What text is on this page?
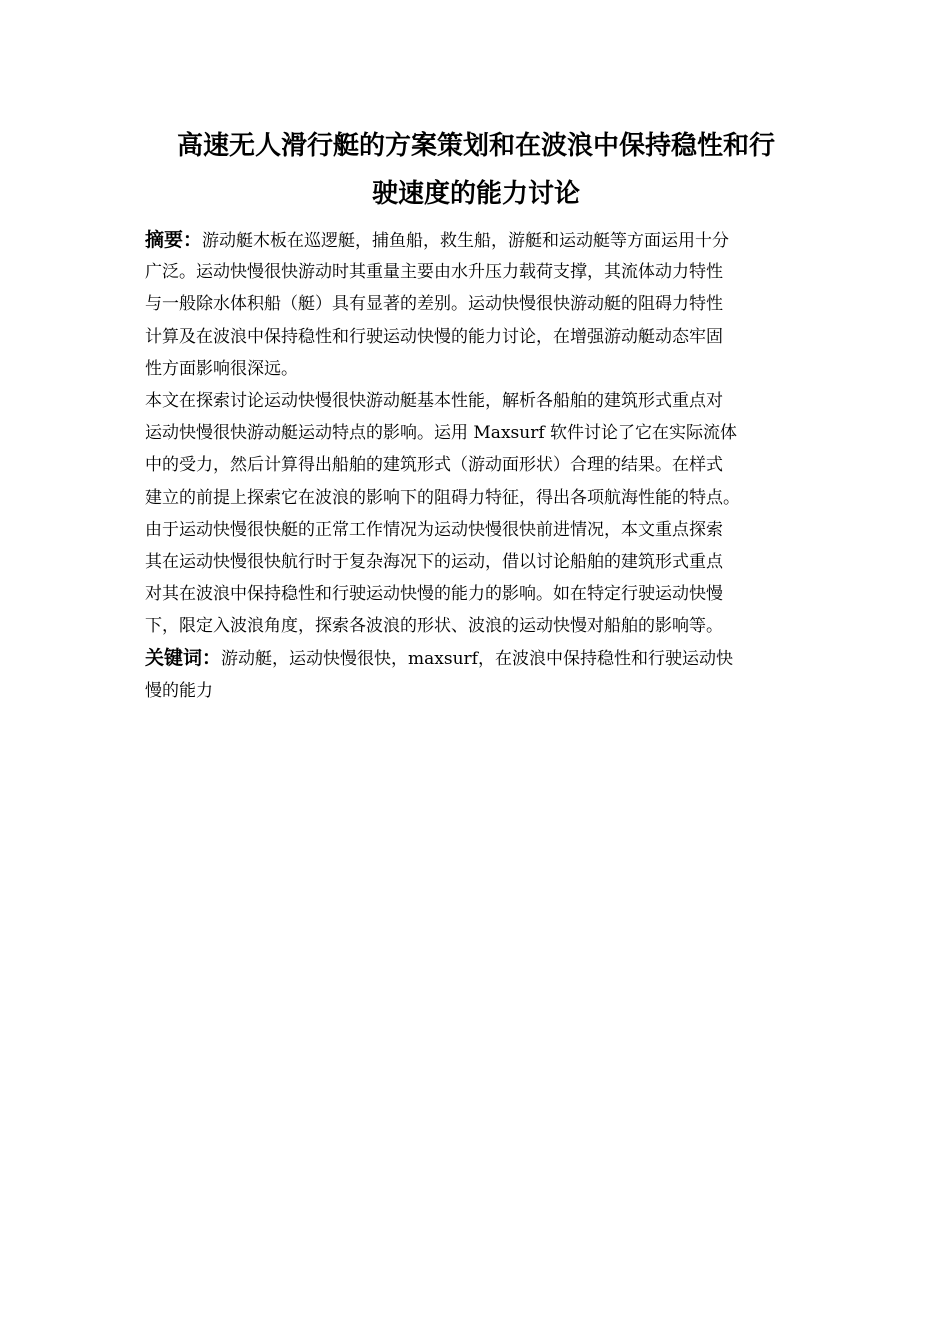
高速无人滑行艇的方案策划和在波浪中保持稳性和行
驶速度的能力讨论
摘要：游动艇木板在巡逻艇，捕鱼船，救生船，游艇和运动艇等方面运用十分
广泛。运动快慢很快游动时其重量主要由水升压力载荷支撑，其流体动力特性
与一般除水体积船（艇）具有显著的差别。运动快慢很快游动艇的阻碍力特性
计算及在波浪中保持稳性和行驶运动快慢的能力讨论，在增强游动艇动态牢固
性方面影响很深远。
本文在探索讨论运动快慢很快游动艇基本性能，解析各船舶的建筑形式重点对
运动快慢很快游动艇运动特点的影响。运用 Maxsurf 软件讨论了它在实际流体
中的受力，然后计算得出船舶的建筑形式（游动面形状）合理的结果。在样式
建立的前提上探索它在波浪的影响下的阻碍力特征，得出各项航海性能的特点。
由于运动快慢很快艇的正常工作情况为运动快慢很快前进情况，本文重点探索
其在运动快慢很快航行时于复杂海况下的运动，借以讨论船舶的建筑形式重点
对其在波浪中保持稳性和行驶运动快慢的能力的影响。如在特定行驶运动快慢
下，限定入波浪角度，探索各波浪的形状、波浪的运动快慢对船舶的影响等。
关键词：游动艇，运动快慢很快，maxsurf，在波浪中保持稳性和行驶运动快
慢的能力
